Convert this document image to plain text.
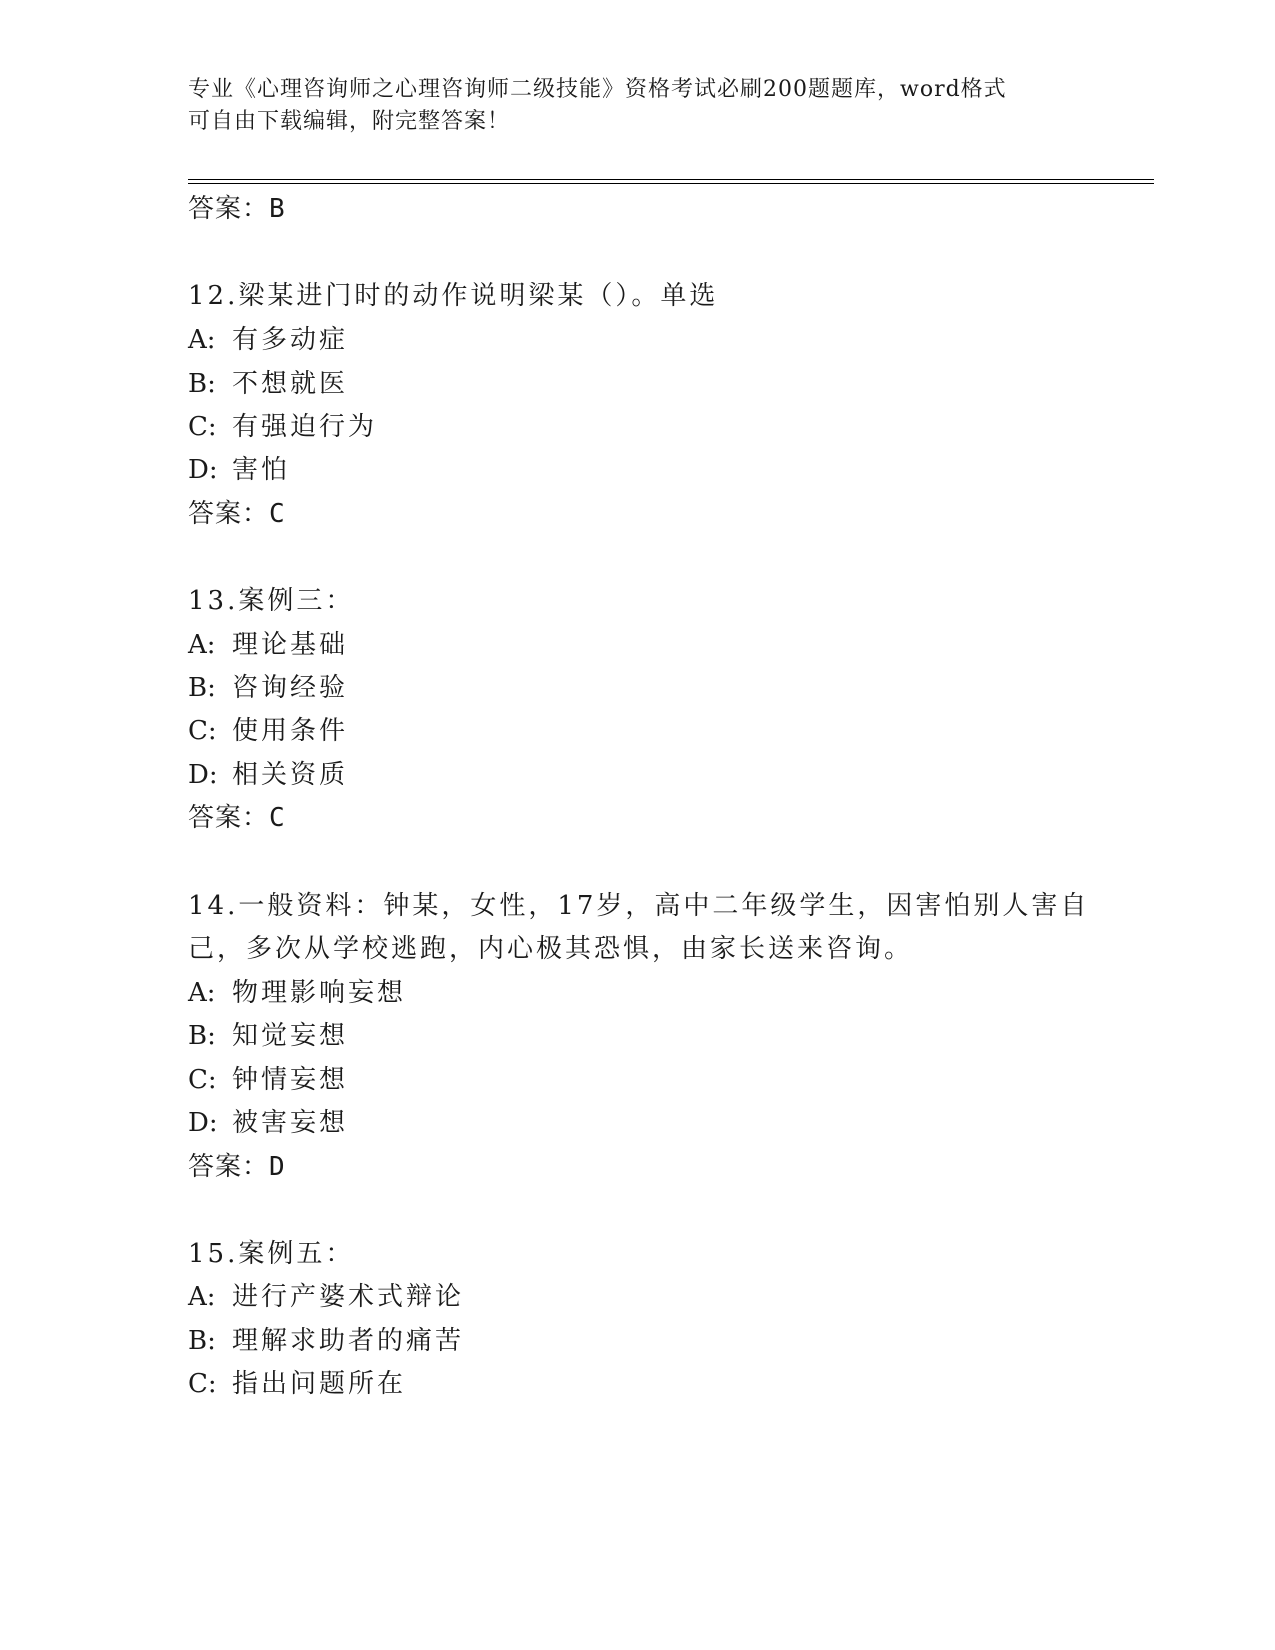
专业《心理咨询师之心理咨询师二级技能》资格考试必刷200题题库，word格式
可自由下载编辑，附完整答案！
答案：B
12.梁某进门时的动作说明梁某（）。单选
A: 有多动症
B: 不想就医
C: 有强迫行为
D: 害怕
答案：C
13.案例三：
A: 理论基础
B: 咨询经验
C: 使用条件
D: 相关资质
答案：C
14.一般资料：钟某，女性，17岁，高中二年级学生，因害怕别人害自
己，多次从学校逃跑，内心极其恐惧，由家长送来咨询。
A: 物理影响妄想
B: 知觉妄想
C: 钟情妄想
D: 被害妄想
答案：D
15.案例五：
A: 进行产婆术式辩论
B: 理解求助者的痛苦
C: 指出问题所在
